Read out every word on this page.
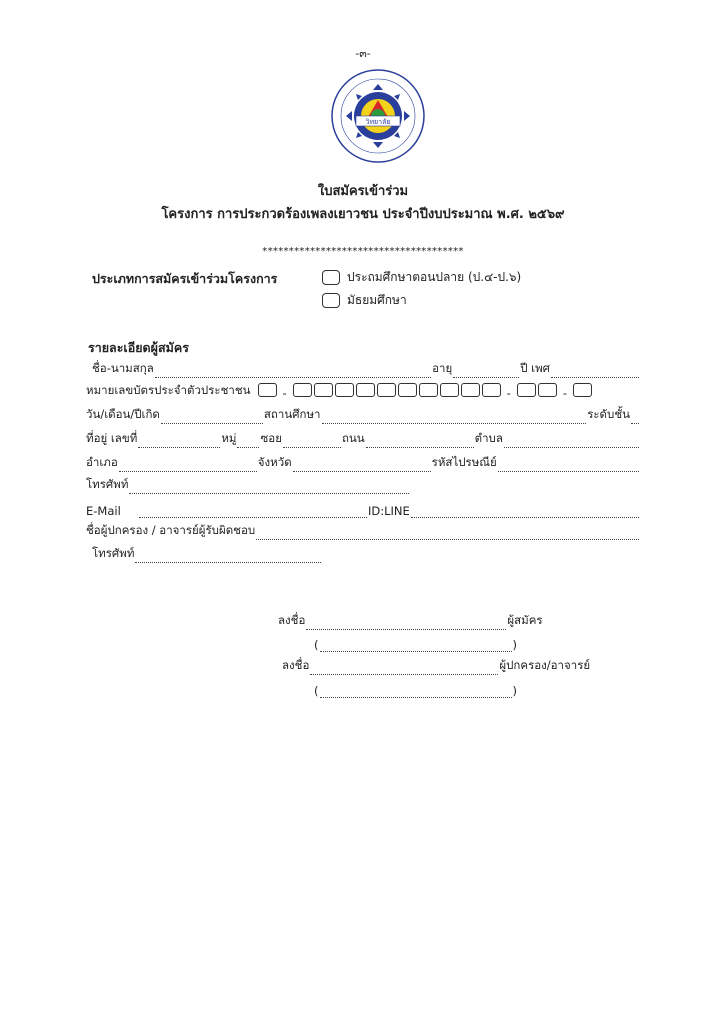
-๓-
วิทยาลัย
ใบสมัครเข้าร่วม
โครงการ การประกวดร้องเพลงเยาวชน ประจำปีงบประมาณ พ.ศ. ๒๕๖๙
**************************************
ประเภทการสมัครเข้าร่วมโครงการ	ประถมศึกษาตอนปลาย (ป.๔-ป.๖)
มัธยมศึกษา
รายละเอียดผู้สมัคร
ชื่อ-นามสกุล	อายุ	ปี เพศ
หมายเลขบัตรประจำตัวประชาชน	-	-	-
วัน/เดือน/ปีเกิด	สถานศึกษา	ระดับชั้น
ที่อยู่ เลขที่	หมู่ ซอย	ถนน	ตำบล
อำเภอ	จังหวัด	รหัสไปรษณีย์
โทรศัพท์
E-Mail	ID:LINE
ชื่อผู้ปกครอง / อาจารย์ผู้รับผิดชอบ
โทรศัพท์
ลงชื่อ	ผู้สมัคร
(	)
ลงชื่อ	ผู้ปกครอง/อาจารย์
(	)
